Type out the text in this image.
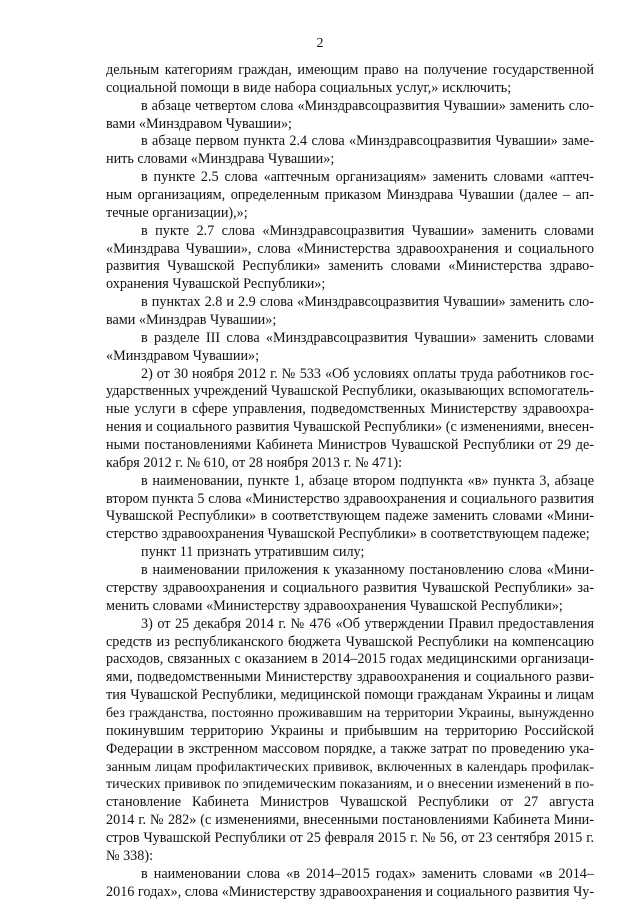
2
дельным категориям граждан, имеющим право на получение государственной
социальной помощи в виде набора социальных услуг,» исключить;
в абзаце четвертом слова «Минздравсоцразвития Чувашии» заменить сло-
вами «Минздравом Чувашии»;
в абзаце первом пункта 2.4 слова «Минздравсоцразвития Чувашии» заме-
нить словами «Минздрава Чувашии»;
в пункте 2.5 слова «аптечным организациям» заменить словами «аптеч-
ным организациям, определенным приказом Минздрава Чувашии (далее – ап-
течные организации),»;
в пукте 2.7 слова «Минздравсоцразвития Чувашии» заменить словами
«Минздрава Чувашии», слова «Министерства здравоохранения и социального
развития Чувашской Республики» заменить словами «Министерства здраво-
охранения Чувашской Республики»;
в пунктах 2.8 и 2.9 слова «Минздравсоцразвития Чувашии» заменить сло-
вами «Минздрав Чувашии»;
в разделе III слова «Минздравсоцразвития Чувашии» заменить словами
«Минздравом Чувашии»;
2) от 30 ноября 2012 г. № 533 «Об условиях оплаты труда работников гос-
ударственных учреждений Чувашской Республики, оказывающих вспомогатель-
ные услуги в сфере управления, подведомственных Министерству здравоохра-
нения и социального развития Чувашской Республики» (с изменениями, внесен-
ными постановлениями Кабинета Министров Чувашской Республики от 29 де-
кабря 2012 г. № 610, от 28 ноября 2013 г. № 471):
в наименовании, пункте 1, абзаце втором подпункта «в» пункта 3, абзаце
втором пункта 5 слова «Министерство здравоохранения и социального развития
Чувашской Республики» в соответствующем падеже заменить словами «Мини-
стерство здравоохранения Чувашской Республики» в соответствующем падеже;
пункт 11 признать утратившим силу;
в наименовании приложения к указанному постановлению слова «Мини-
стерству здравоохранения и социального развития Чувашской Республики» за-
менить словами «Министерству здравоохранения Чувашской Республики»;
3) от 25 декабря 2014 г. № 476 «Об утверждении Правил предоставления
средств из республиканского бюджета Чувашской Республики на компенсацию
расходов, связанных с оказанием в 2014–2015 годах медицинскими организаци-
ями, подведомственными Министерству здравоохранения и социального разви-
тия Чувашской Республики, медицинской помощи гражданам Украины и лицам
без гражданства, постоянно проживавшим на территории Украины, вынужденно
покинувшим территорию Украины и прибывшим на территорию Российской
Федерации в экстренном массовом порядке, а также затрат по проведению ука-
занным лицам профилактических прививок, включенных в календарь профилак-
тических прививок по эпидемическим показаниям, и о внесении изменений в по-
становление Кабинета Министров Чувашской Республики от 27 августа
2014 г. № 282» (с изменениями, внесенными постановлениями Кабинета Мини-
стров Чувашской Республики от 25 февраля 2015 г. № 56, от 23 сентября 2015 г.
№ 338):
в наименовании слова «в 2014–2015 годах» заменить словами «в 2014–
2016 годах», слова «Министерству здравоохранения и социального развития Чу-
